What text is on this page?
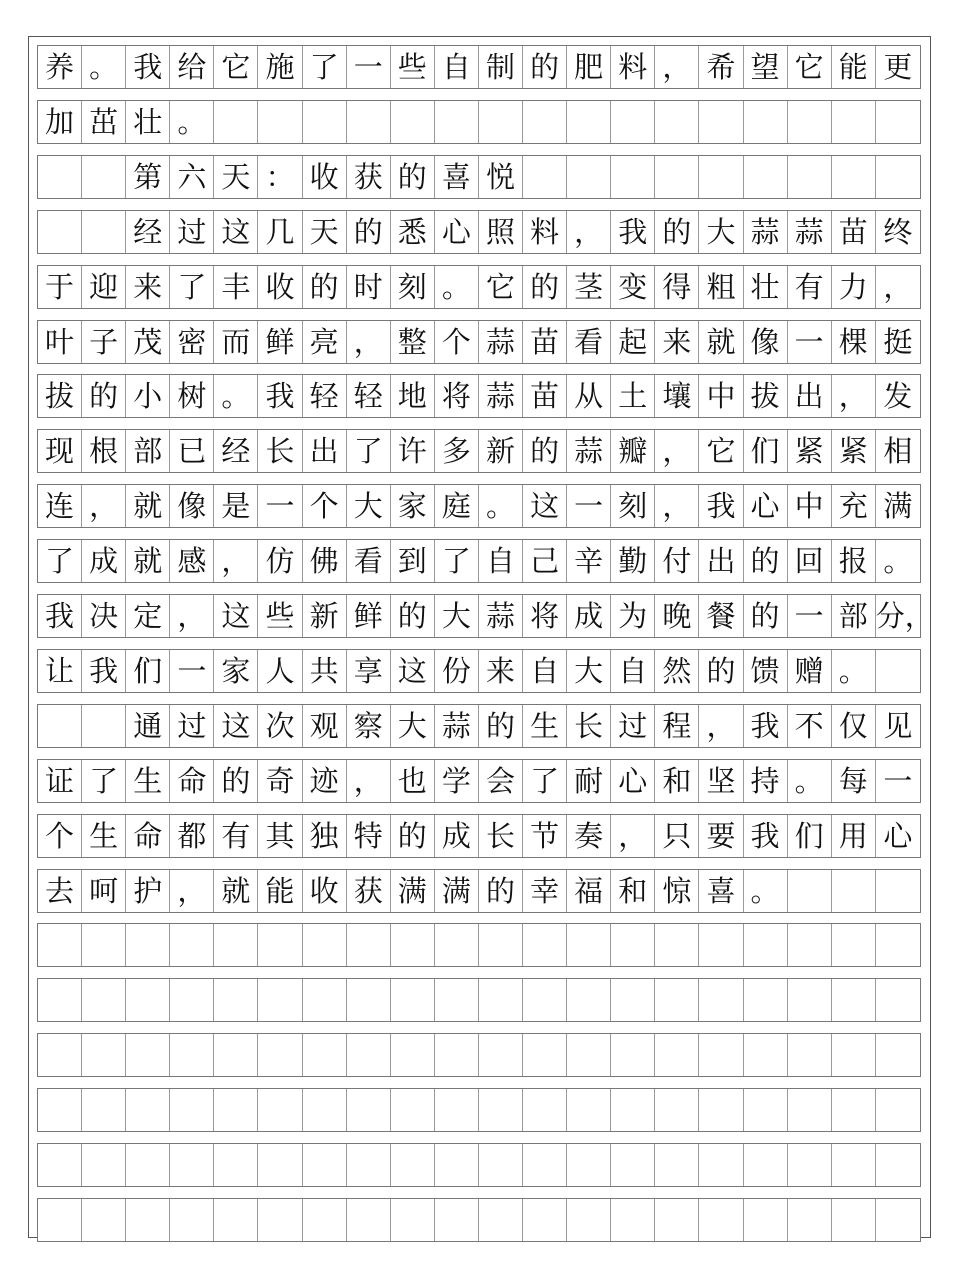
养 。 我 给 它 施 了 一 些 自 制 的 肥 料 ， 希 望 它 能 更
加 茁 壮 。
第 六 天 ： 收 获 的 喜 悦
经 过 这 几 天 的 悉 心 照 料 ， 我 的 大 蒜 蒜 苗 终
于 迎 来 了 丰 收 的 时 刻 。 它 的 茎 变 得 粗 壮 有 力 ，
叶 子 茂 密 而 鲜 亮 ， 整 个 蒜 苗 看 起 来 就 像 一 棵 挺
拔 的 小 树 。 我 轻 轻 地 将 蒜 苗 从 土 壤 中 拔 出 ， 发
现 根 部 已 经 长 出 了 许 多 新 的 蒜 瓣 ， 它 们 紧 紧 相
连 ， 就 像 是 一 个 大 家 庭 。 这 一 刻 ， 我 心 中 充 满
了 成 就 感 ， 仿 佛 看 到 了 自 己 辛 勤 付 出 的 回 报 。
我 决 定 ， 这 些 新 鲜 的 大 蒜 将 成 为 晚 餐 的 一 部 分，
让 我 们 一 家 人 共 享 这 份 来 自 大 自 然 的 馈 赠 。
通 过 这 次 观 察 大 蒜 的 生 长 过 程 ， 我 不 仅 见
证 了 生 命 的 奇 迹 ， 也 学 会 了 耐 心 和 坚 持 。 每 一
个 生 命 都 有 其 独 特 的 成 长 节 奏 ， 只 要 我 们 用 心
去 呵 护 ， 就 能 收 获 满 满 的 幸 福 和 惊 喜 。
